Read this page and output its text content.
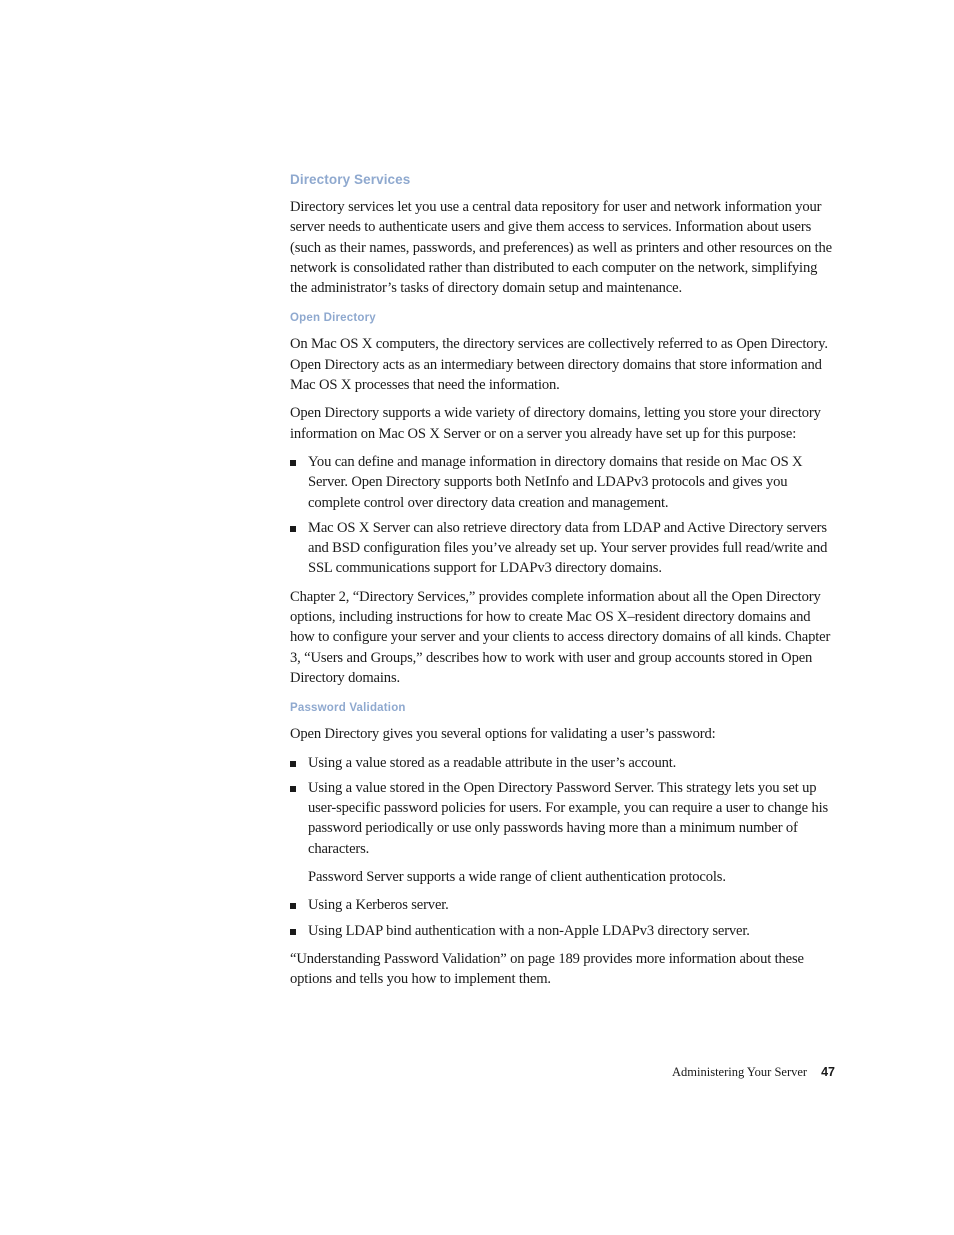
Directory Services

Directory services let you use a central data repository for user and network information your server needs to authenticate users and give them access to services. Information about users (such as their names, passwords, and preferences) as well as printers and other resources on the network is consolidated rather than distributed to each computer on the network, simplifying the administrator’s tasks of directory domain setup and maintenance.

Open Directory

On Mac OS X computers, the directory services are collectively referred to as Open Directory. Open Directory acts as an intermediary between directory domains that store information and Mac OS X processes that need the information.

Open Directory supports a wide variety of directory domains, letting you store your directory information on Mac OS X Server or on a server you already have set up for this purpose:

You can define and manage information in directory domains that reside on Mac OS X Server. Open Directory supports both NetInfo and LDAPv3 protocols and gives you complete control over directory data creation and management.
Mac OS X Server can also retrieve directory data from LDAP and Active Directory servers and BSD configuration files you’ve already set up. Your server provides full read/write and SSL communications support for LDAPv3 directory domains.

Chapter 2, “Directory Services,” provides complete information about all the Open Directory options, including instructions for how to create Mac OS X–resident directory domains and how to configure your server and your clients to access directory domains of all kinds. Chapter 3, “Users and Groups,” describes how to work with user and group accounts stored in Open Directory domains.

Password Validation

Open Directory gives you several options for validating a user’s password:

Using a value stored as a readable attribute in the user’s account.
Using a value stored in the Open Directory Password Server. This strategy lets you set up user-specific password policies for users. For example, you can require a user to change his password periodically or use only passwords having more than a minimum number of characters.

Password Server supports a wide range of client authentication protocols.

Using a Kerberos server.
Using LDAP bind authentication with a non-Apple LDAPv3 directory server.

“Understanding Password Validation” on page 189 provides more information about these options and tells you how to implement them.

Administering Your Server 47
